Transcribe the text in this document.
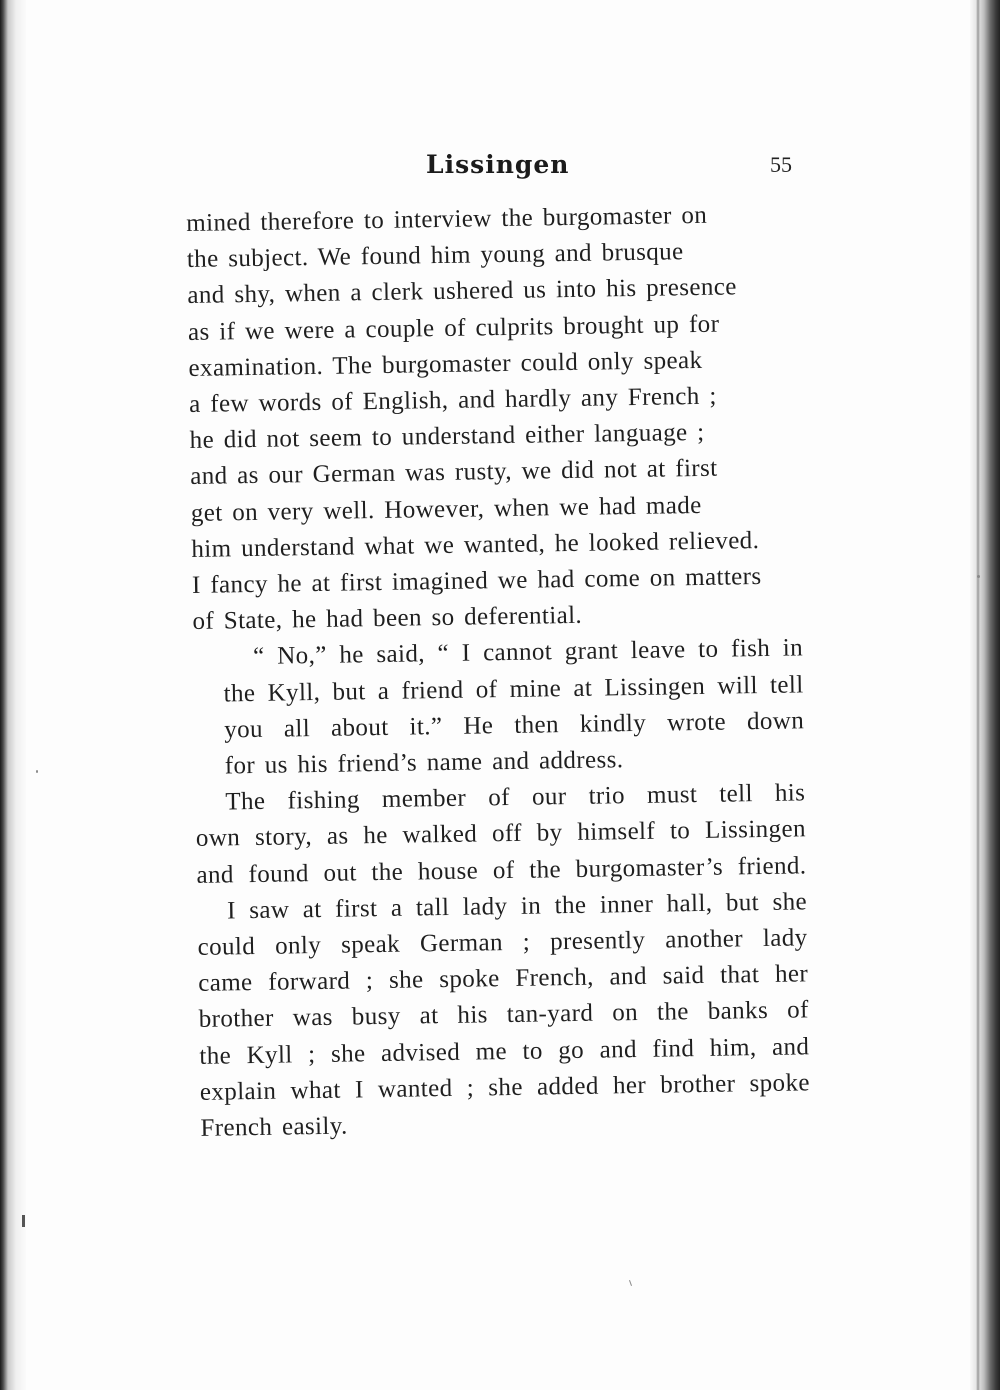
Lissingen	55

mined therefore to interview the burgomaster on
the subject. We found him young and brusque
and shy, when a clerk ushered us into his presence
as if we were a couple of culprits brought up for
examination. The burgomaster could only speak
a few words of English, and hardly any French ;
he did not seem to understand either language ;
and as our German was rusty, we did not at first
get on very well. However, when we had made
him understand what we wanted, he looked relieved.
I fancy he at first imagined we had come on matters
of State, he had been so deferential.

“ No,” he said, “ I cannot grant leave to fish in
the Kyll, but a friend of mine at Lissingen will tell
you all about it.” He then kindly wrote down
for us his friend’s name and address.

The fishing member of our trio must tell his
own story, as he walked off by himself to Lissingen
and found out the house of the burgomaster’s friend.

I saw at first a tall lady in the inner hall, but she
could only speak German ; presently another lady
came forward ; she spoke French, and said that her
brother was busy at his tan-yard on the banks of
the Kyll ; she advised me to go and find him, and
explain what I wanted ; she added her brother spoke
French easily.
